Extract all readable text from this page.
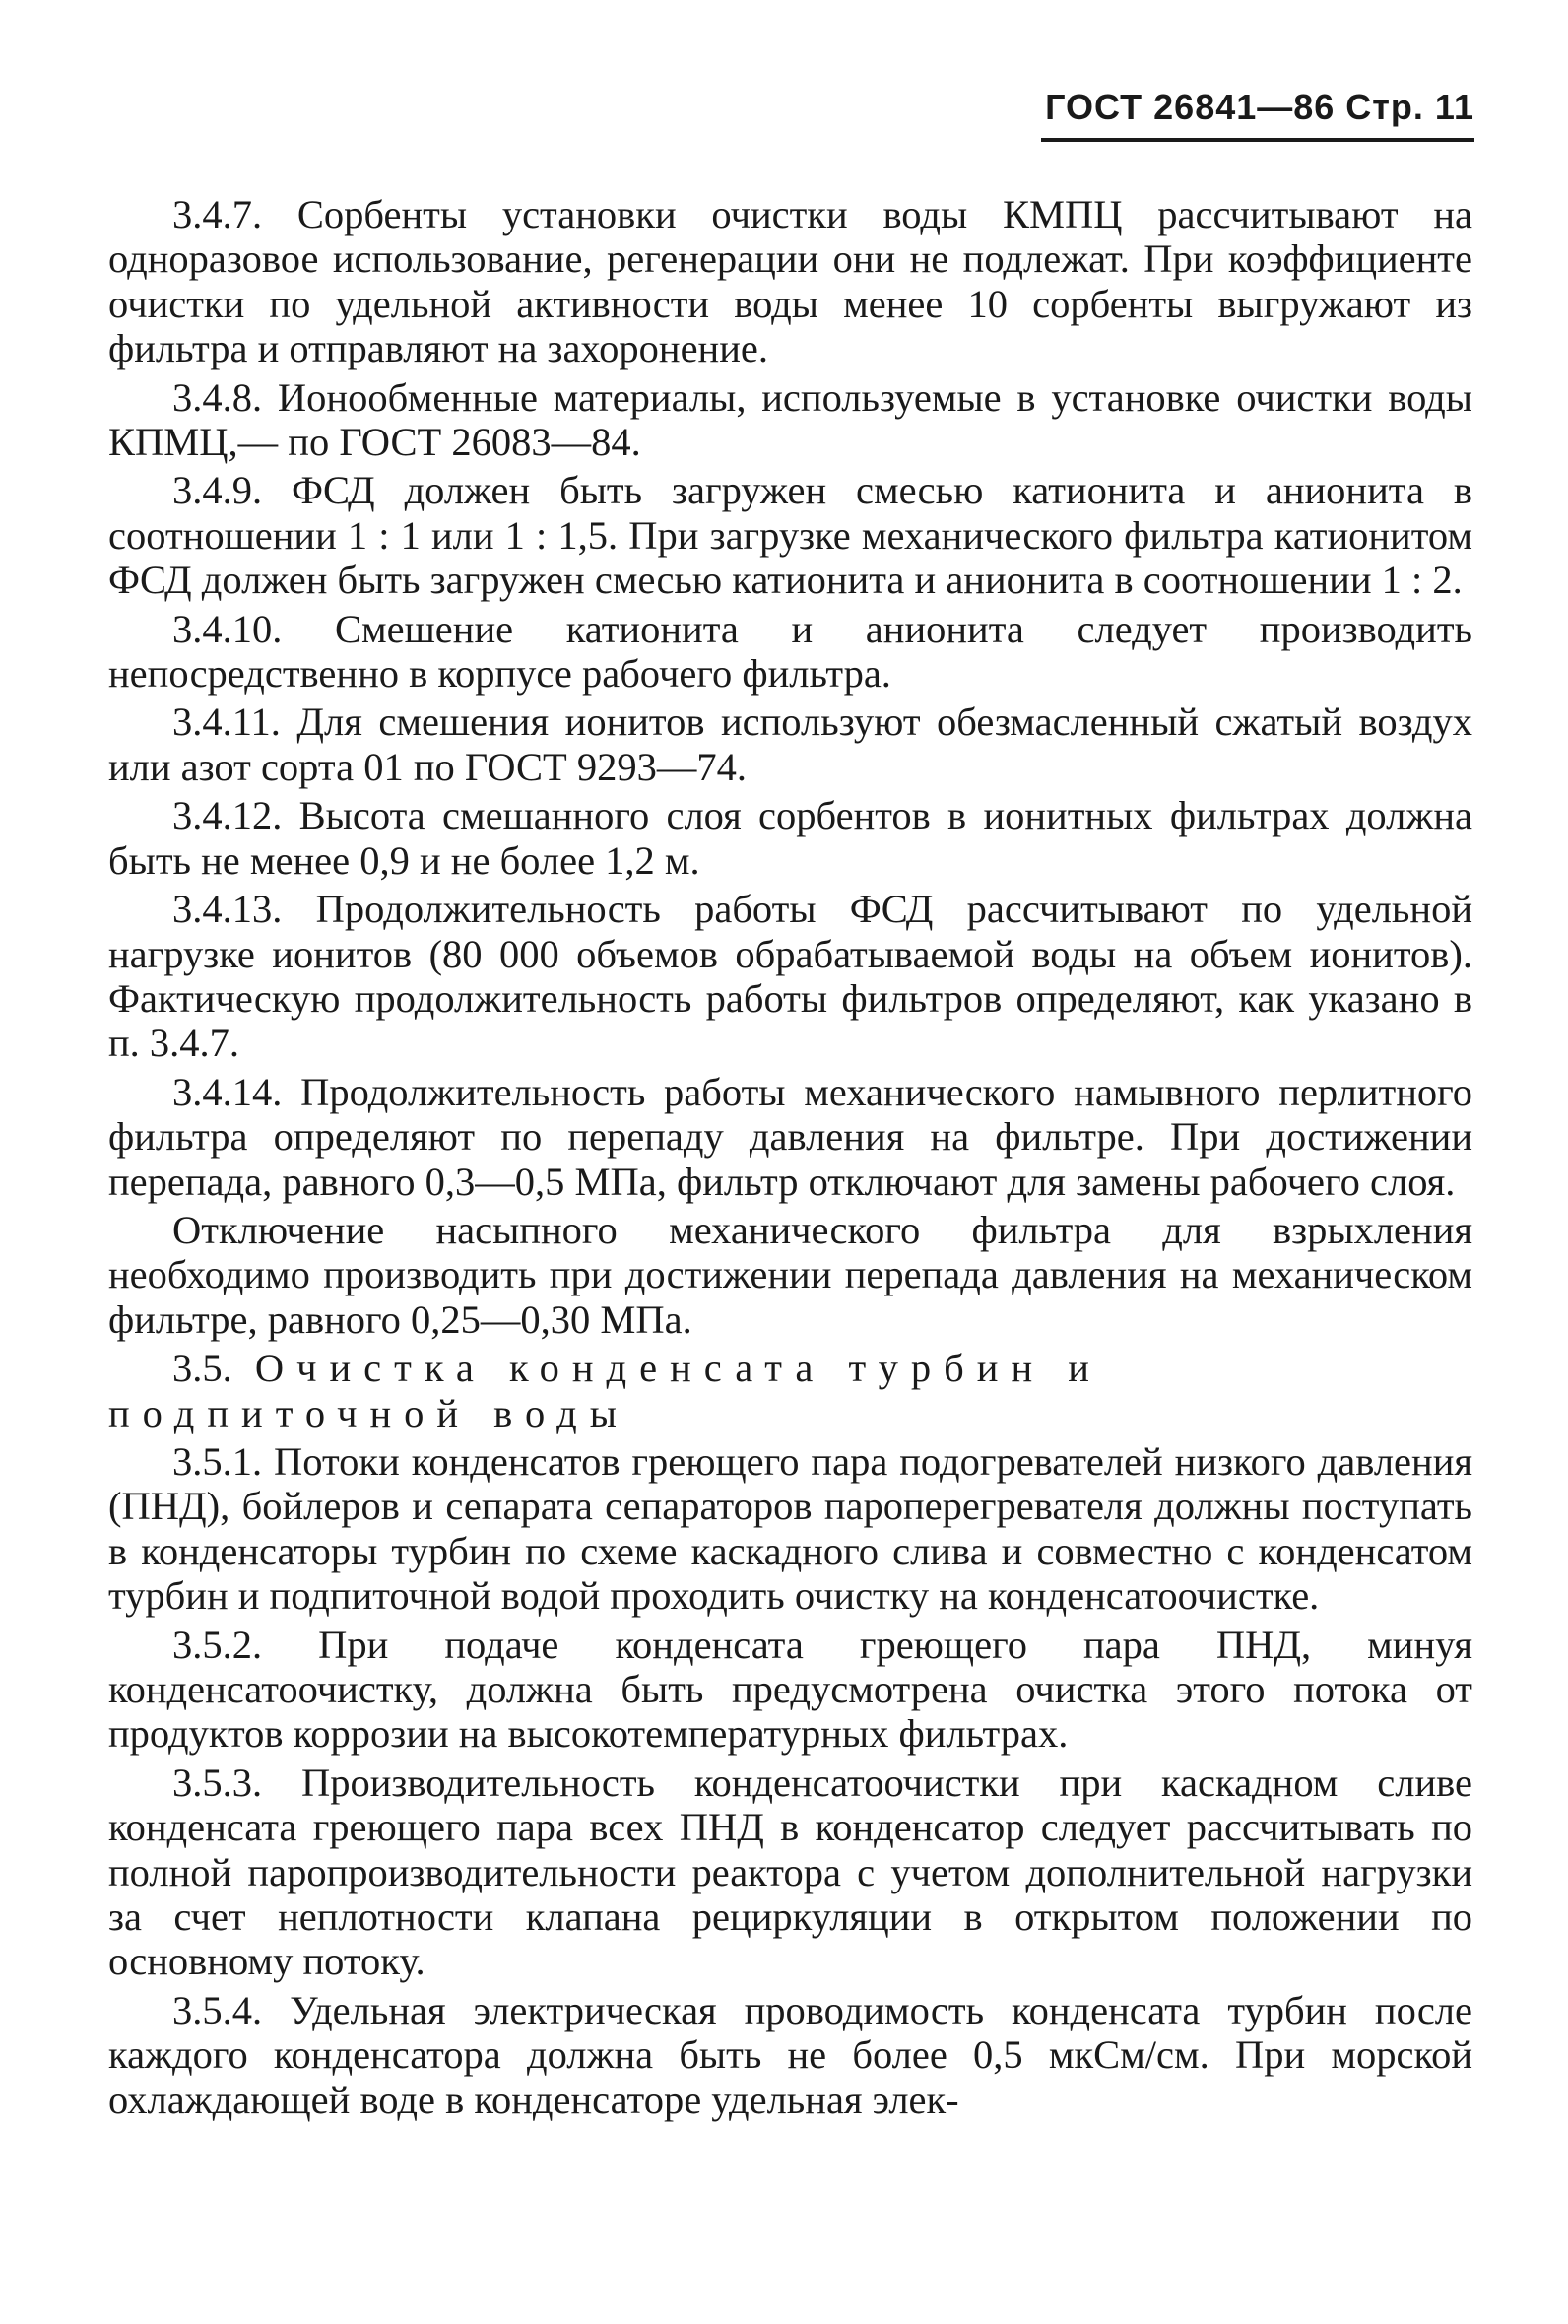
ГОСТ 26841—86 Стр. 11

3.4.7. Сорбенты установки очистки воды КМПЦ рассчитывают на одноразовое использование, регенерации они не подлежат. При коэффициенте очистки по удельной активности воды менее 10 сорбенты выгружают из фильтра и отправляют на захоронение.

3.4.8. Ионообменные материалы, используемые в установке очистки воды КПМЦ,— по ГОСТ 26083—84.

3.4.9. ФСД должен быть загружен смесью катионита и анионита в соотношении 1 : 1 или 1 : 1,5. При загрузке механического фильтра катионитом ФСД должен быть загружен смесью катионита и анионита в соотношении 1 : 2.

3.4.10. Смешение катионита и анионита следует производить непосредственно в корпусе рабочего фильтра.

3.4.11. Для смешения ионитов используют обезмасленный сжатый воздух или азот сорта 01 по ГОСТ 9293—74.

3.4.12. Высота смешанного слоя сорбентов в ионитных фильтрах должна быть не менее 0,9 и не более 1,2 м.

3.4.13. Продолжительность работы ФСД рассчитывают по удельной нагрузке ионитов (80 000 объемов обрабатываемой воды на объем ионитов). Фактическую продолжительность работы фильтров определяют, как указано в п. 3.4.7.

3.4.14. Продолжительность работы механического намывного перлитного фильтра определяют по перепаду давления на фильтре. При достижении перепада, равного 0,3—0,5 МПа, фильтр отключают для замены рабочего слоя.

Отключение насыпного механического фильтра для взрыхления необходимо производить при достижении перепада давления на механическом фильтре, равного 0,25—0,30 МПа.

3.5. Очистка конденсата турбин и подпиточной воды

3.5.1. Потоки конденсатов греющего пара подогревателей низкого давления (ПНД), бойлеров и сепарата сепараторов пароперегревателя должны поступать в конденсаторы турбин по схеме каскадного слива и совместно с конденсатом турбин и подпиточной водой проходить очистку на конденсатоочистке.

3.5.2. При подаче конденсата греющего пара ПНД, минуя конденсатоочистку, должна быть предусмотрена очистка этого потока от продуктов коррозии на высокотемпературных фильтрах.

3.5.3. Производительность конденсатоочистки при каскадном сливе конденсата греющего пара всех ПНД в конденсатор следует рассчитывать по полной паропроизводительности реактора с учетом дополнительной нагрузки за счет неплотности клапана рециркуляции в открытом положении по основному потоку.

3.5.4. Удельная электрическая проводимость конденсата турбин после каждого конденсатора должна быть не более 0,5 мкСм/см. При морской охлаждающей воде в конденсаторе удельная элек-
